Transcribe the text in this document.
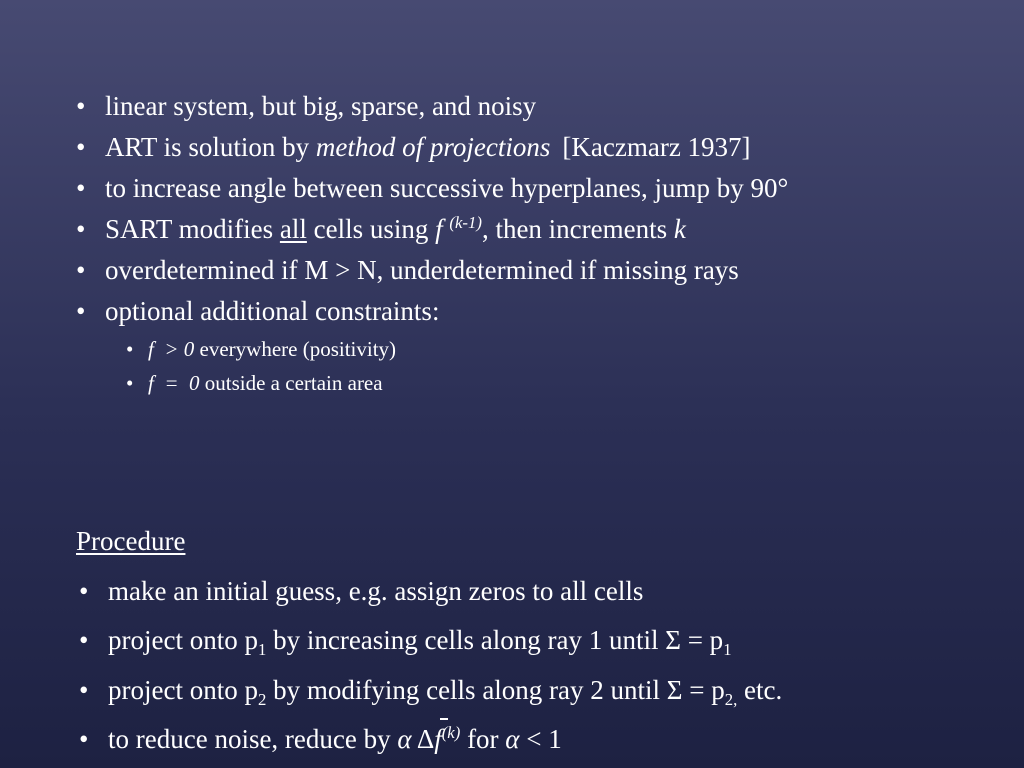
• linear system, but big, sparse, and noisy
• ART is solution by method of projections [Kaczmarz 1937]
• to increase angle between successive hyperplanes, jump by 90°
• SART modifies all cells using f $^{(k-1)}$, then increments k
• overdetermined if M > N, underdetermined if missing rays
• optional additional constraints:
• f  > 0 everywhere (positivity)
• f  =  0 outside a certain area
Procedure
• make an initial guess, e.g. assign zeros to all cells
• project onto $p_1$ by increasing cells along ray 1 until $\Sigma = p_1$
• project onto $p_2$ by modifying cells along ray 2 until $\Sigma = p_{2,}$ etc.
• to reduce noise, reduce by α $\Delta f^{(k)}$ for α < 1
